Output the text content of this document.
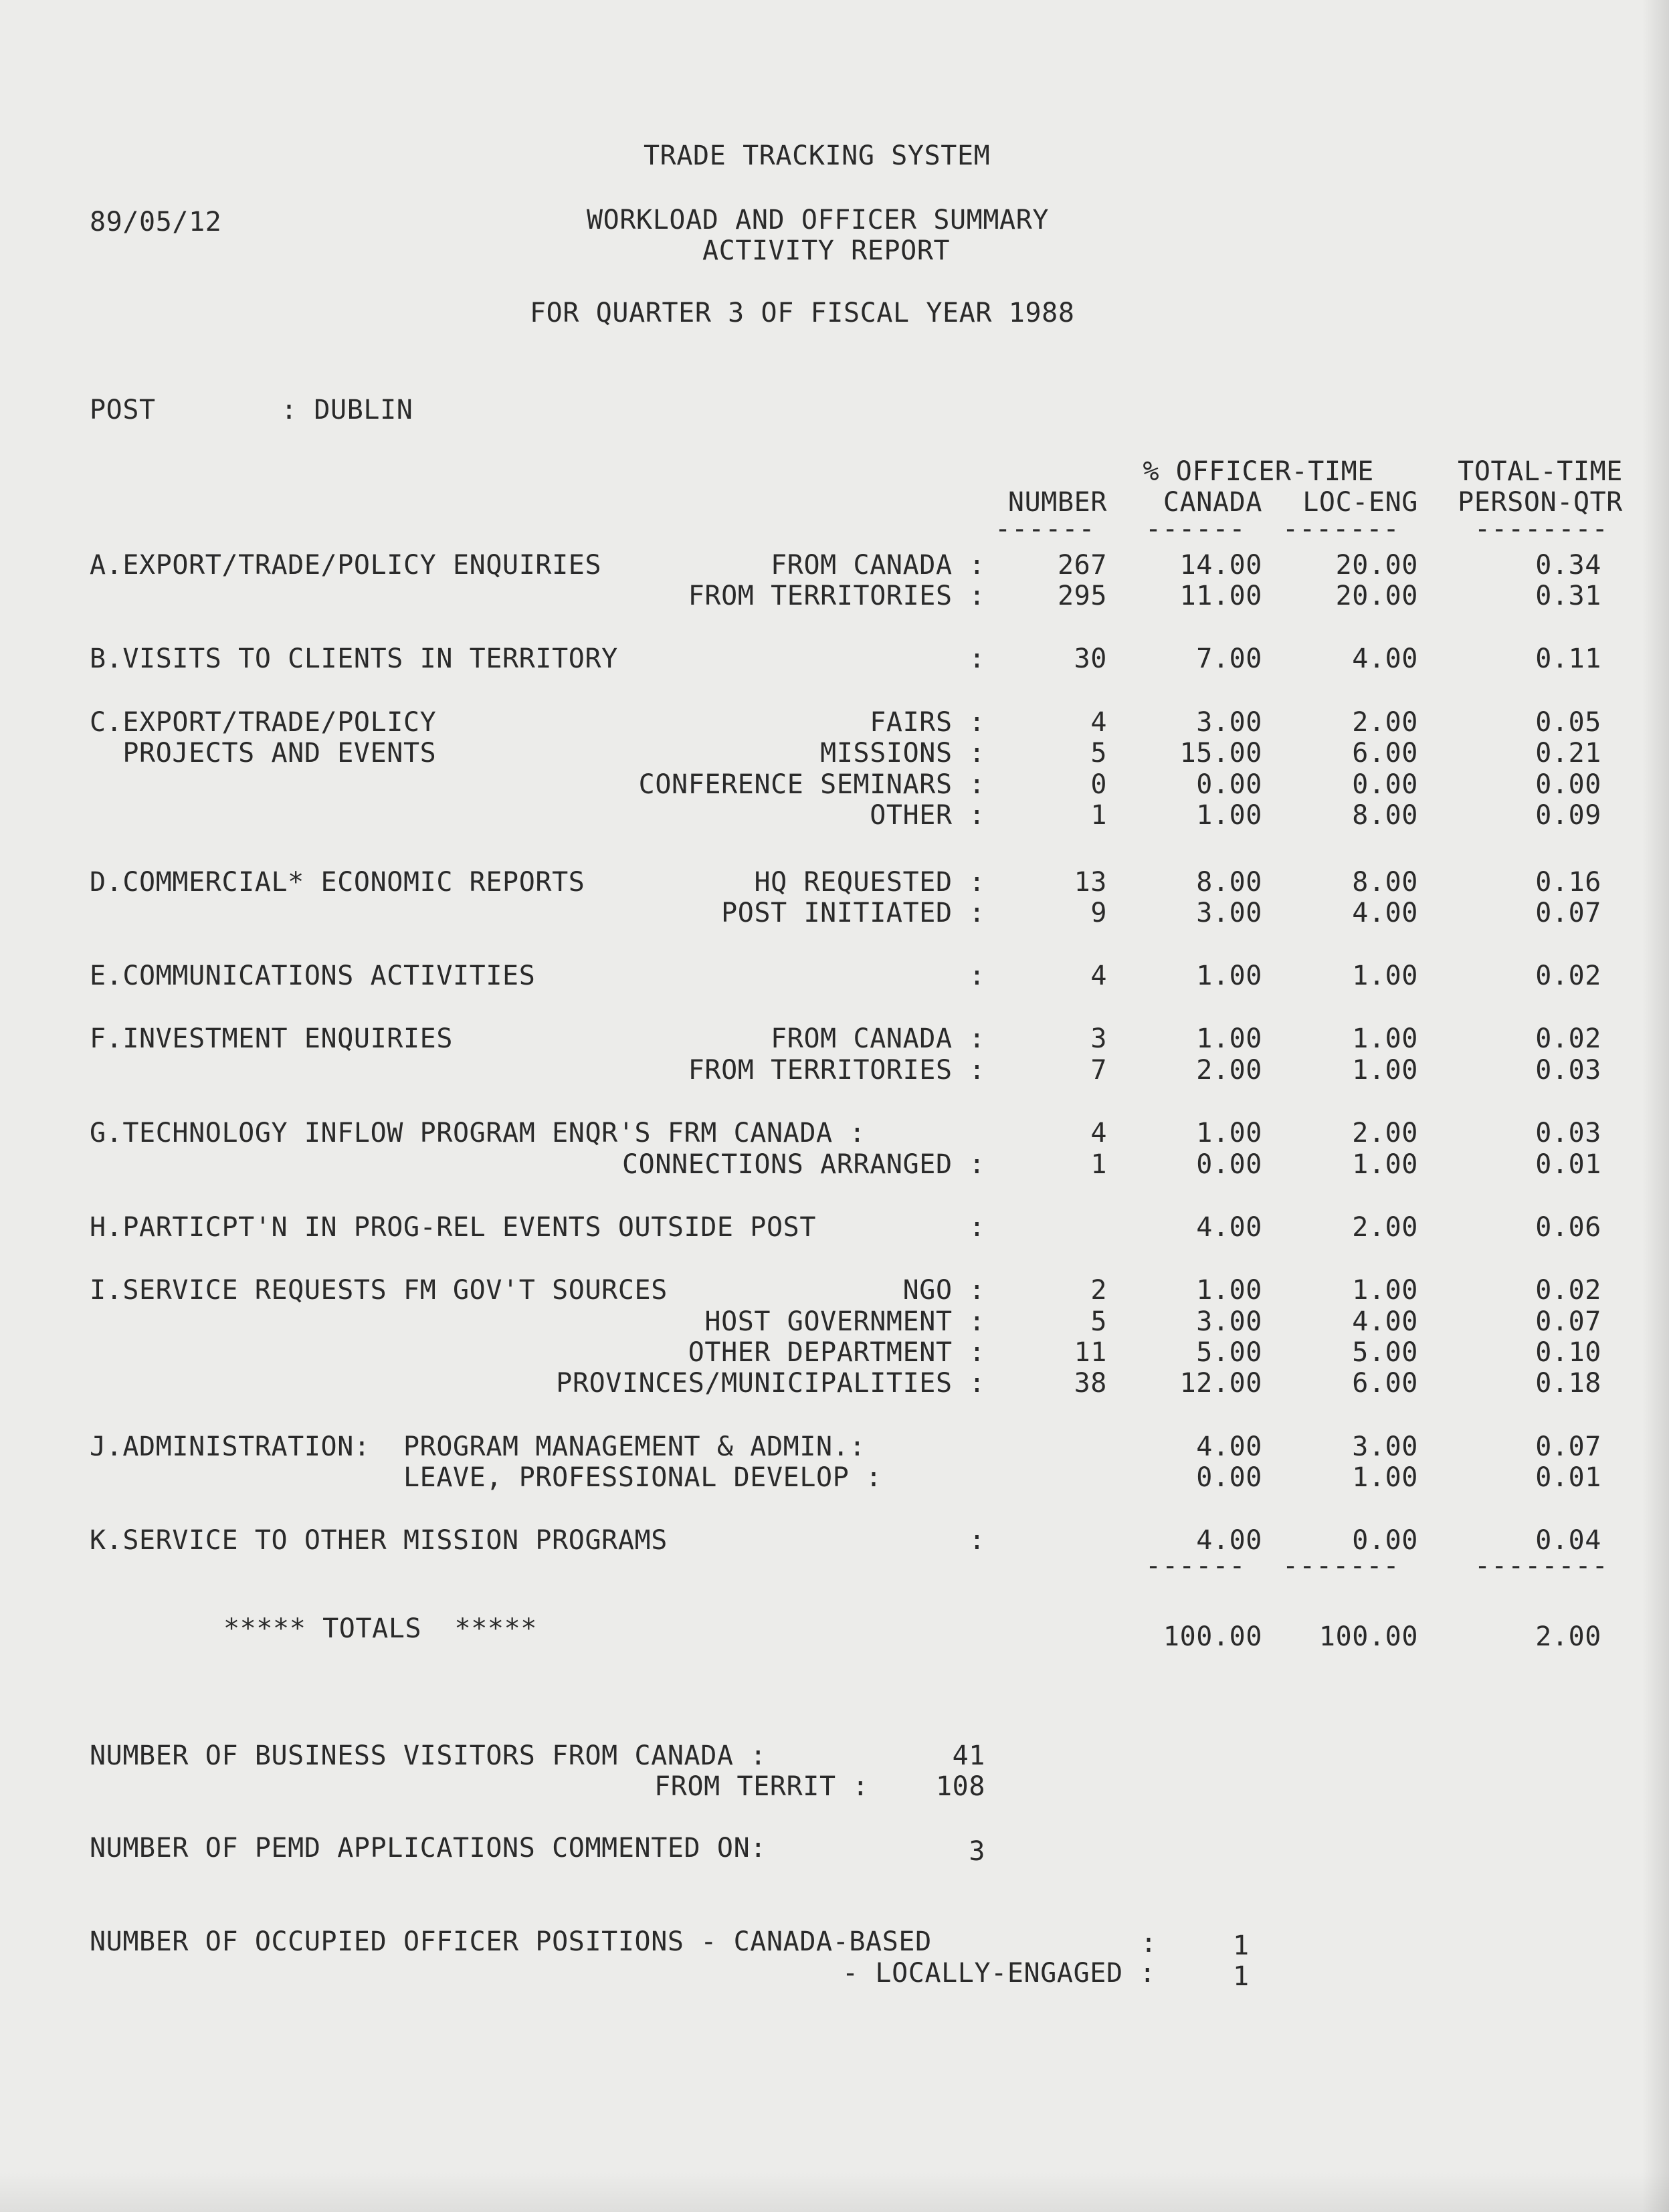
TRADE TRACKING SYSTEM
89/05/12	WORKLOAD AND OFFICER SUMMARY
ACTIVITY REPORT
FOR QUARTER 3 OF FISCAL YEAR 1988
POST	: DUBLIN
% OFFICER-TIME	TOTAL-TIME
NUMBER CANADA LOC-ENG PERSON-QTR
------ ------ -------	--------
A.EXPORT/TRADE/POLICY ENQUIRIES	FROM CANADA :	267	14.00	20.00	0.34
FROM TERRITORIES :	295	11.00	20.00	0.31
B.VISITS TO CLIENTS IN TERRITORY	:	30	7.00	4.00	0.11
C.EXPORT/TRADE/POLICY	FAIRS :	4	3.00	2.00	0.05
PROJECTS AND EVENTS	MISSIONS :	5	15.00	6.00	0.21
CONFERENCE SEMINARS :	0	0.00	0.00	0.00
OTHER :	1	1.00	8.00	0.09
D.COMMERCIAL* ECONOMIC REPORTS	HQ REQUESTED :	13	8.00	8.00	0.16
POST INITIATED :	9	3.00	4.00	0.07
E.COMMUNICATIONS ACTIVITIES	:	4	1.00	1.00	0.02
F.INVESTMENT ENQUIRIES	FROM CANADA :	3	1.00	1.00	0.02
FROM TERRITORIES :	7	2.00	1.00	0.03
G.TECHNOLOGY INFLOW PROGRAM ENQR'S FRM CANADA :	4	1.00	2.00	0.03
CONNECTIONS ARRANGED :	1	0.00	1.00	0.01
H.PARTICPT'N IN PROG-REL EVENTS OUTSIDE POST	:	4.00	2.00	0.06
I.SERVICE REQUESTS FM GOV'T SOURCES	NGO :	2	1.00	1.00	0.02
HOST GOVERNMENT :	5	3.00	4.00	0.07
OTHER DEPARTMENT :	11	5.00	5.00	0.10
PROVINCES/MUNICIPALITIES :	38	12.00	6.00	0.18
J.ADMINISTRATION:  PROGRAM MANAGEMENT & ADMIN.:	4.00	3.00	0.07
LEAVE, PROFESSIONAL DEVELOP :	0.00	1.00	0.01
K.SERVICE TO OTHER MISSION PROGRAMS	:	4.00	0.00	0.04
------ -------	--------
***** TOTALS  *****	100.00 100.00	2.00
NUMBER OF BUSINESS VISITORS FROM CANADA :	41
FROM TERRIT : 108
NUMBER OF PEMD APPLICATIONS COMMENTED ON:	3
NUMBER OF OCCUPIED OFFICER POSITIONS - CANADA-BASED	:	1
- LOCALLY-ENGAGED :	1
